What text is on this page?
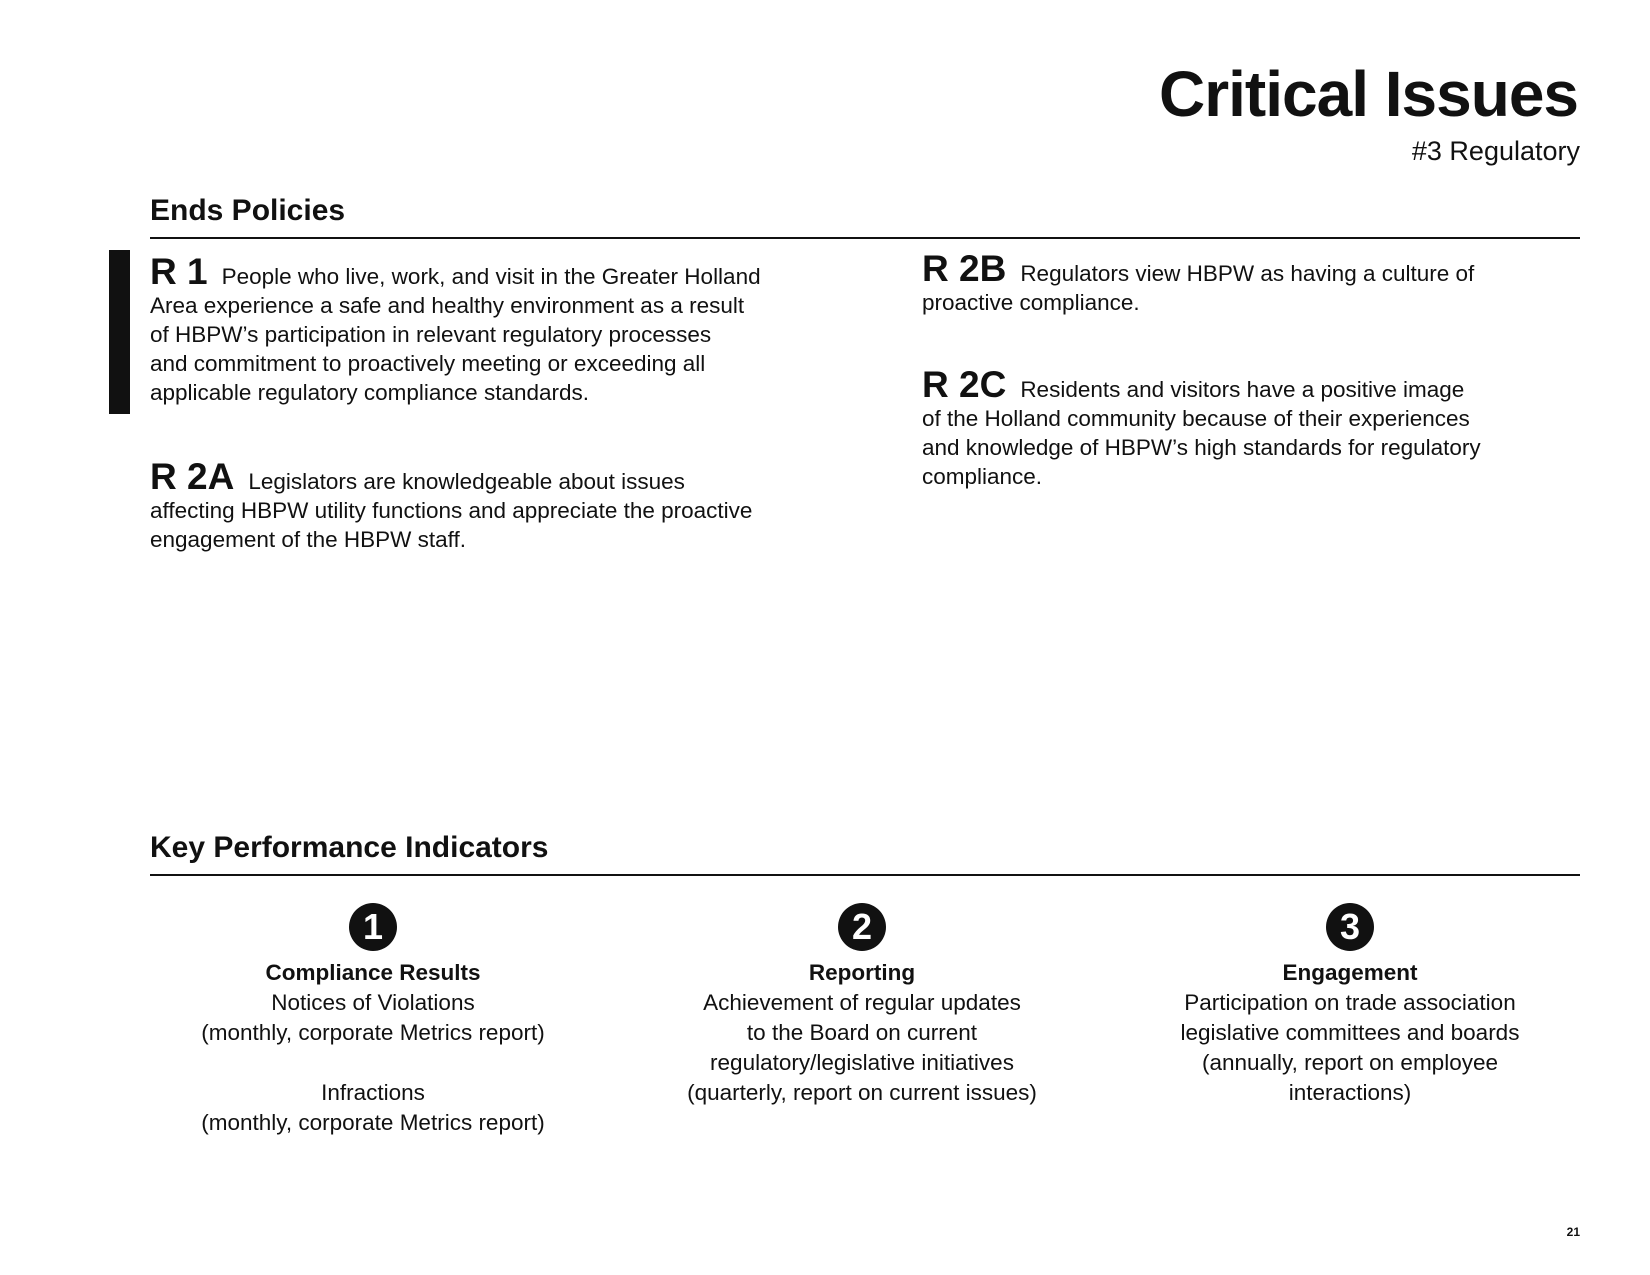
Critical Issues
#3 Regulatory
Ends Policies
R 1 People who live, work, and visit in the Greater Holland
Area experience a safe and healthy environment as a result
of HBPW’s participation in relevant regulatory processes
and commitment to proactively meeting or exceeding all
applicable regulatory compliance standards.
R 2A Legislators are knowledgeable about issues
affecting HBPW utility functions and appreciate the proactive
engagement of the HBPW staff.
R 2B Regulators view HBPW as having a culture of
proactive compliance.
R 2C Residents and visitors have a positive image
of the Holland community because of their experiences
and knowledge of HBPW’s high standards for regulatory
compliance.
Key Performance Indicators
1
Compliance Results
Notices of Violations
(monthly, corporate Metrics report)
Infractions
(monthly, corporate Metrics report)
2
Reporting
Achievement of regular updates
to the Board on current
regulatory/legislative initiatives
(quarterly, report on current issues)
3
Engagement
Participation on trade association
legislative committees and boards
(annually, report on employee
interactions)
21
